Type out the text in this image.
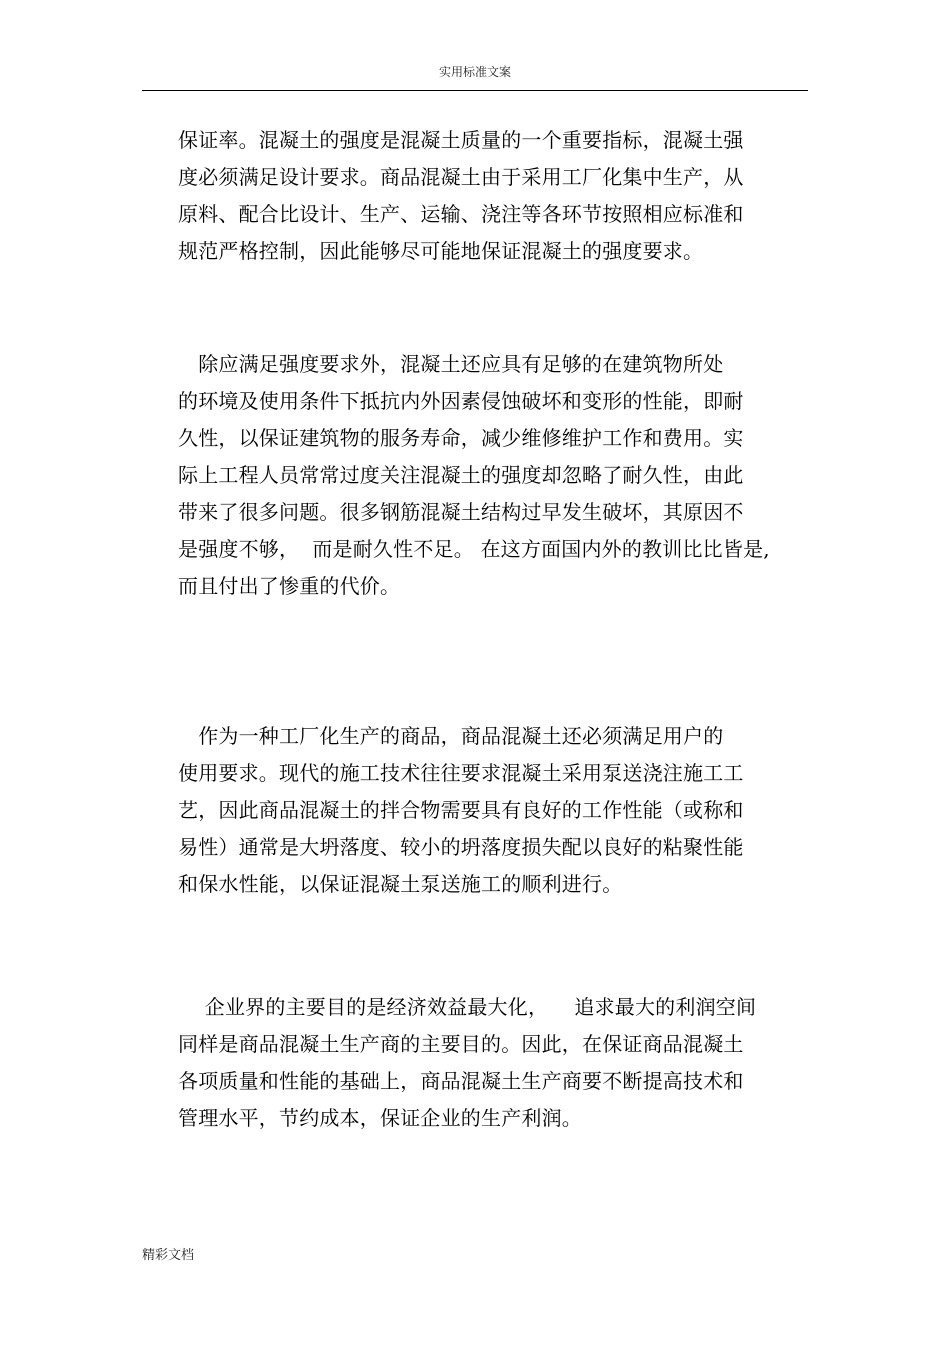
实用标准文案
保证率。混凝土的强度是混凝土质量的一个重要指标，混凝土强
度必须满足设计要求。商品混凝土由于采用工厂化集中生产，从
原料、配合比设计、生产、运输、浇注等各环节按照相应标准和
规范严格控制，因此能够尽可能地保证混凝土的强度要求。
　除应满足强度要求外，混凝土还应具有足够的在建筑物所处
的环境及使用条件下抵抗内外因素侵蚀破坏和变形的性能，即耐
久性，以保证建筑物的服务寿命，减少维修维护工作和费用。实
际上工程人员常常过度关注混凝土的强度却忽略了耐久性，由此
带来了很多问题。很多钢筋混凝土结构过早发生破坏，其原因不
是强度不够，  而是耐久性不足。 在这方面国内外的教训比比皆是,
而且付出了惨重的代价。
　作为一种工厂化生产的商品，商品混凝土还必须满足用户的
使用要求。现代的施工技术往往要求混凝土采用泵送浇注施工工
艺，因此商品混凝土的拌合物需要具有良好的工作性能（或称和
易性）通常是大坍落度、较小的坍落度损失配以良好的粘聚性能
和保水性能，以保证混凝土泵送施工的顺利进行。
　 企业界的主要目的是经济效益最大化，    追求最大的利润空间
同样是商品混凝土生产商的主要目的。因此，在保证商品混凝土
各项质量和性能的基础上，商品混凝土生产商要不断提高技术和
管理水平，节约成本，保证企业的生产利润。
精彩文档
